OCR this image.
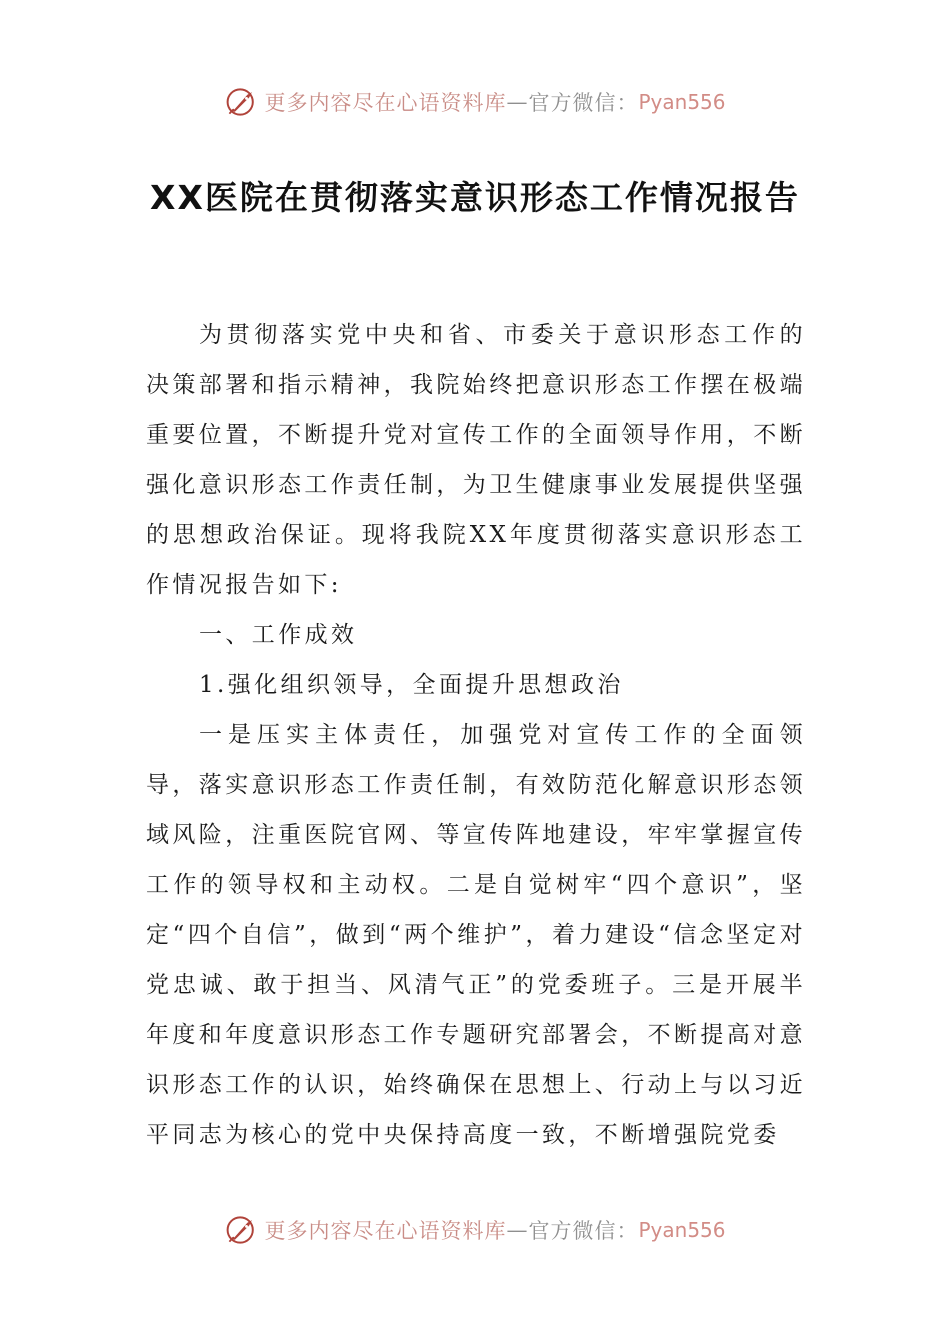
更多内容尽在心语资料库 — 官方微信： Pyan556
XX医院在贯彻落实意识形态工作情况报告

为贯彻落实党中央和省、市委关于意识形态工作的决策部署和指示精神，我院始终把意识形态工作摆在极端重要位置，不断提升党对宣传工作的全面领导作用，不断强化意识形态工作责任制，为卫生健康事业发展提供坚强的思想政治保证。现将我院XX年度贯彻落实意识形态工作情况报告如下:

一、工作成效

1.强化组织领导，全面提升思想政治

一是压实主体责任，加强党对宣传工作的全面领导，落实意识形态工作责任制，有效防范化解意识形态领域风险，注重医院官网、等宣传阵地建设，牢牢掌握宣传工作的领导权和主动权。二是自觉树牢“四个意识”，坚定“四个自信”，做到“两个维护”，着力建设“信念坚定对党忠诚、敢于担当、风清气正”的党委班子。三是开展半年度和年度意识形态工作专题研究部署会，不断提高对意识形态工作的认识，始终确保在思想上、行动上与以习近平同志为核心的党中央保持高度一致，不断增强院党委

更多内容尽在心语资料库 — 官方微信： Pyan556
